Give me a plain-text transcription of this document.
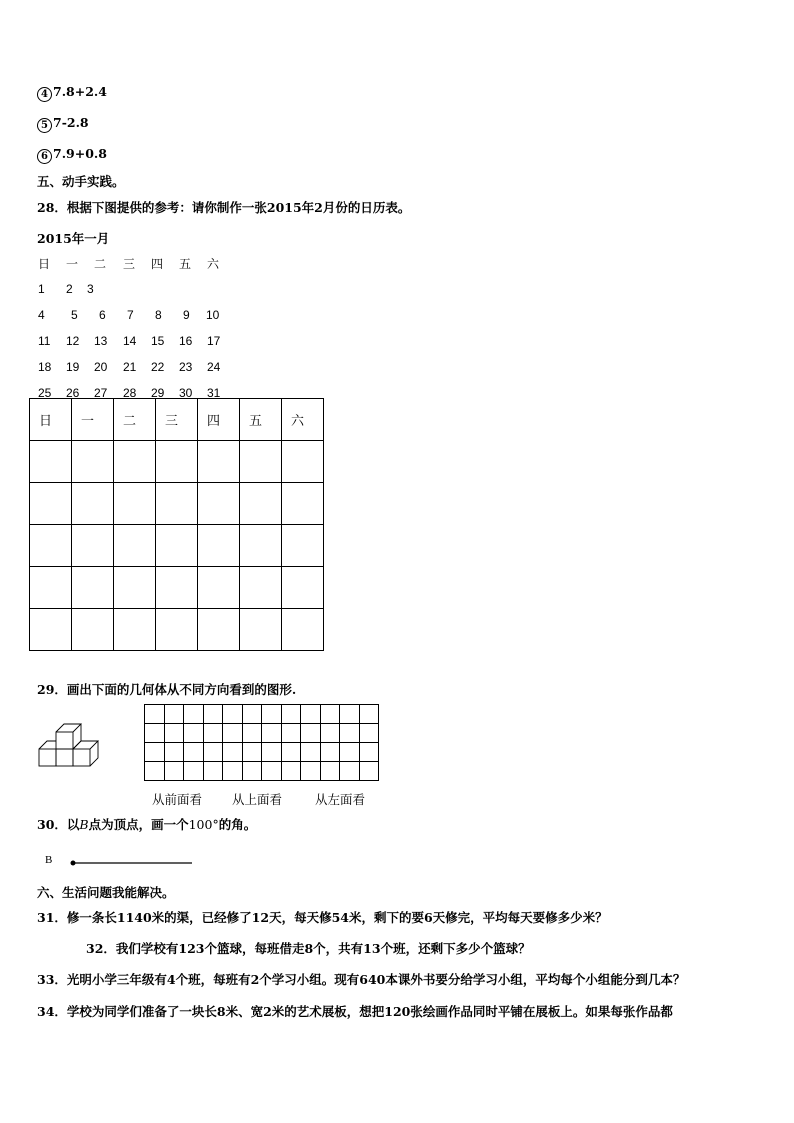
4 7.8+2.4
5 7-2.8
6 7.9+0.8
五、动手实践。
28．根据下图提供的参考：请你制作一张2015年2月份的日历表。
2015年一月
日 一 二 三 四 五 六
1 2 3
4 5 6 7 8 9 10
11 12 13 14 15 16 17
18 19 20 21 22 23 24
25 26 27 28 29 30 31
日	一	二	三	四	五	六

29．画出下面的几何体从不同方向看到的图形.

从前面看 从上面看	从左面看
30．以B点为顶点，画一个100°的角。
B
六、生活问题我能解决。
31．修一条长1140米的渠，已经修了12天，每天修54米，剩下的要6天修完，平均每天要修多少米？
32．我们学校有123个篮球，每班借走8个，共有13个班，还剩下多少个篮球？
33．光明小学三年级有4个班，每班有2个学习小组。现有640本课外书要分给学习小组，平均每个小组能分到几本？
34．学校为同学们准备了一块长8米、宽2米的艺术展板，想把120张绘画作品同时平铺在展板上。如果每张作品都
